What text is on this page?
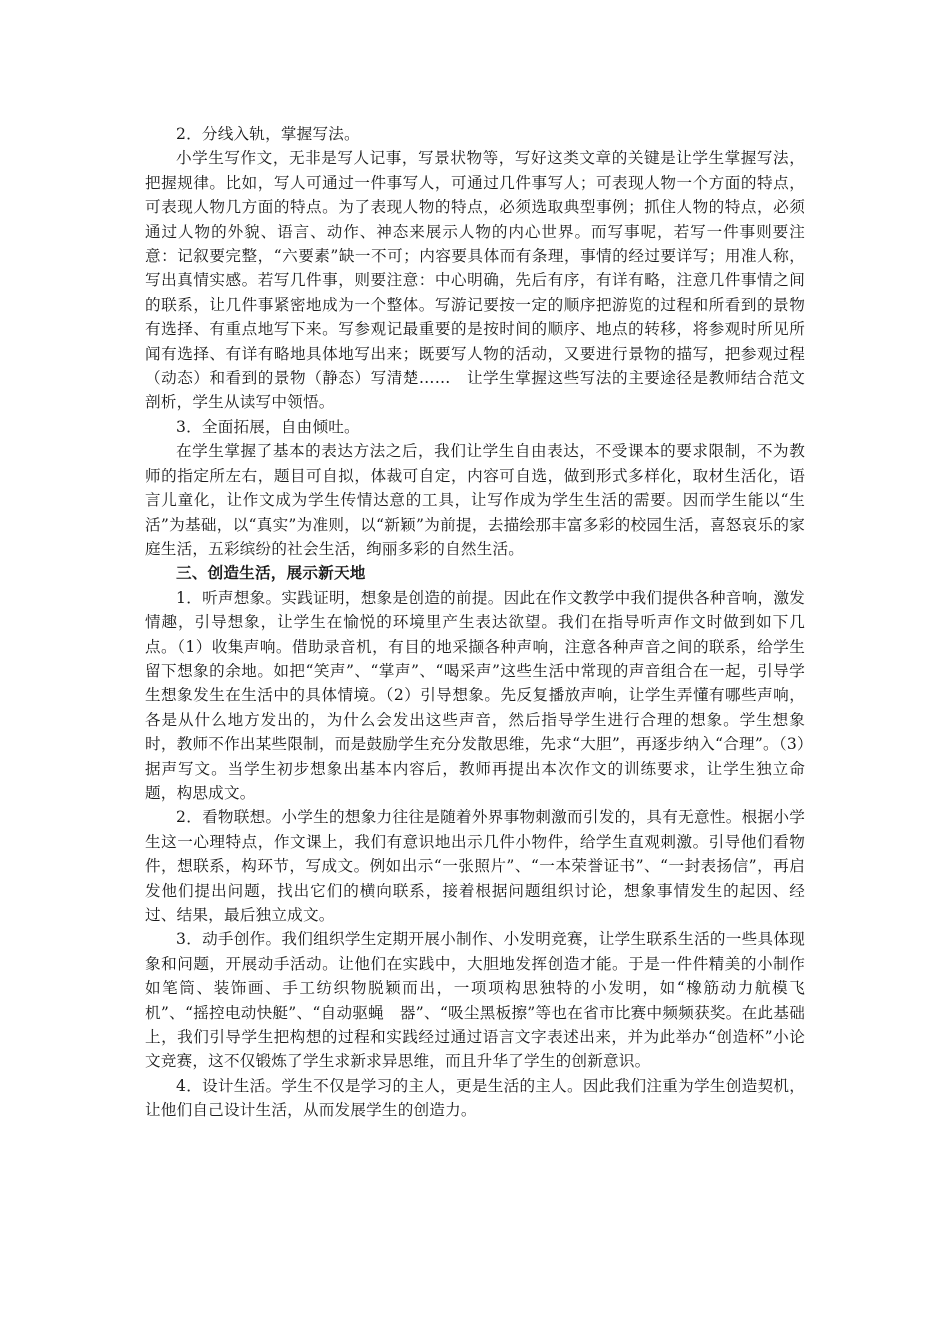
2．分线入轨，掌握写法。

小学生写作文，无非是写人记事，写景状物等，写好这类文章的关键是让学生掌握写法，把握规律。比如，写人可通过一件事写人，可通过几件事写人；可表现人物一个方面的特点，可表现人物几方面的特点。为了表现人物的特点，必须选取典型事例；抓住人物的特点，必须通过人物的外貌、语言、动作、神态来展示人物的内心世界。而写事呢，若写一件事则要注意：记叙要完整，“六要素”缺一不可；内容要具体而有条理，事情的经过要详写；用准人称，写出真情实感。若写几件事，则要注意：中心明确，先后有序，有详有略，注意几件事情之间的联系，让几件事紧密地成为一个整体。写游记要按一定的顺序把游览的过程和所看到的景物有选择、有重点地写下来。写参观记最重要的是按时间的顺序、地点的转移，将参观时所见所闻有选择、有详有略地具体地写出来；既要写人物的活动，又要进行景物的描写，把参观过程（动态）和看到的景物（静态）写清楚……　让学生掌握这些写法的主要途径是教师结合范文剖析，学生从读写中领悟。

3．全面拓展，自由倾吐。

在学生掌握了基本的表达方法之后，我们让学生自由表达，不受课本的要求限制，不为教师的指定所左右，题目可自拟，体裁可自定，内容可自选，做到形式多样化，取材生活化，语言儿童化，让作文成为学生传情达意的工具，让写作成为学生生活的需要。因而学生能以“生活”为基础，以“真实”为准则，以“新颖”为前提，去描绘那丰富多彩的校园生活，喜怒哀乐的家庭生活，五彩缤纷的社会生活，绚丽多彩的自然生活。

三、创造生活，展示新天地

1．听声想象。实践证明，想象是创造的前提。因此在作文教学中我们提供各种音响，激发情趣，引导想象，让学生在愉悦的环境里产生表达欲望。我们在指导听声作文时做到如下几点。（1）收集声响。借助录音机，有目的地采撷各种声响，注意各种声音之间的联系，给学生留下想象的余地。如把“笑声”、“掌声”、“喝采声”这些生活中常现的声音组合在一起，引导学生想象发生在生活中的具体情境。（2）引导想象。先反复播放声响，让学生弄懂有哪些声响，各是从什么地方发出的，为什么会发出这些声音，然后指导学生进行合理的想象。学生想象时，教师不作出某些限制，而是鼓励学生充分发散思维，先求“大胆”，再逐步纳入“合理”。（3）据声写文。当学生初步想象出基本内容后，教师再提出本次作文的训练要求，让学生独立命题，构思成文。

2．看物联想。小学生的想象力往往是随着外界事物刺激而引发的，具有无意性。根据小学生这一心理特点，作文课上，我们有意识地出示几件小物件，给学生直观刺激。引导他们看物件，想联系，构环节，写成文。例如出示“一张照片”、“一本荣誉证书”、“一封表扬信”，再启发他们提出问题，找出它们的横向联系，接着根据问题组织讨论，想象事情发生的起因、经过、结果，最后独立成文。

3．动手创作。我们组织学生定期开展小制作、小发明竞赛，让学生联系生活的一些具体现象和问题，开展动手活动。让他们在实践中，大胆地发挥创造才能。于是一件件精美的小制作如笔筒、装饰画、手工纺织物脱颖而出，一项项构思独特的小发明，如“橡筋动力航模飞机”、“摇控电动快艇”、“自动驱蝇　器”、“吸尘黑板擦”等也在省市比赛中频频获奖。在此基础上，我们引导学生把构想的过程和实践经过通过语言文字表述出来，并为此举办“创造杯”小论文竞赛，这不仅锻炼了学生求新求异思维，而且升华了学生的创新意识。

4．设计生活。学生不仅是学习的主人，更是生活的主人。因此我们注重为学生创造契机，让他们自己设计生活，从而发展学生的创造力。
